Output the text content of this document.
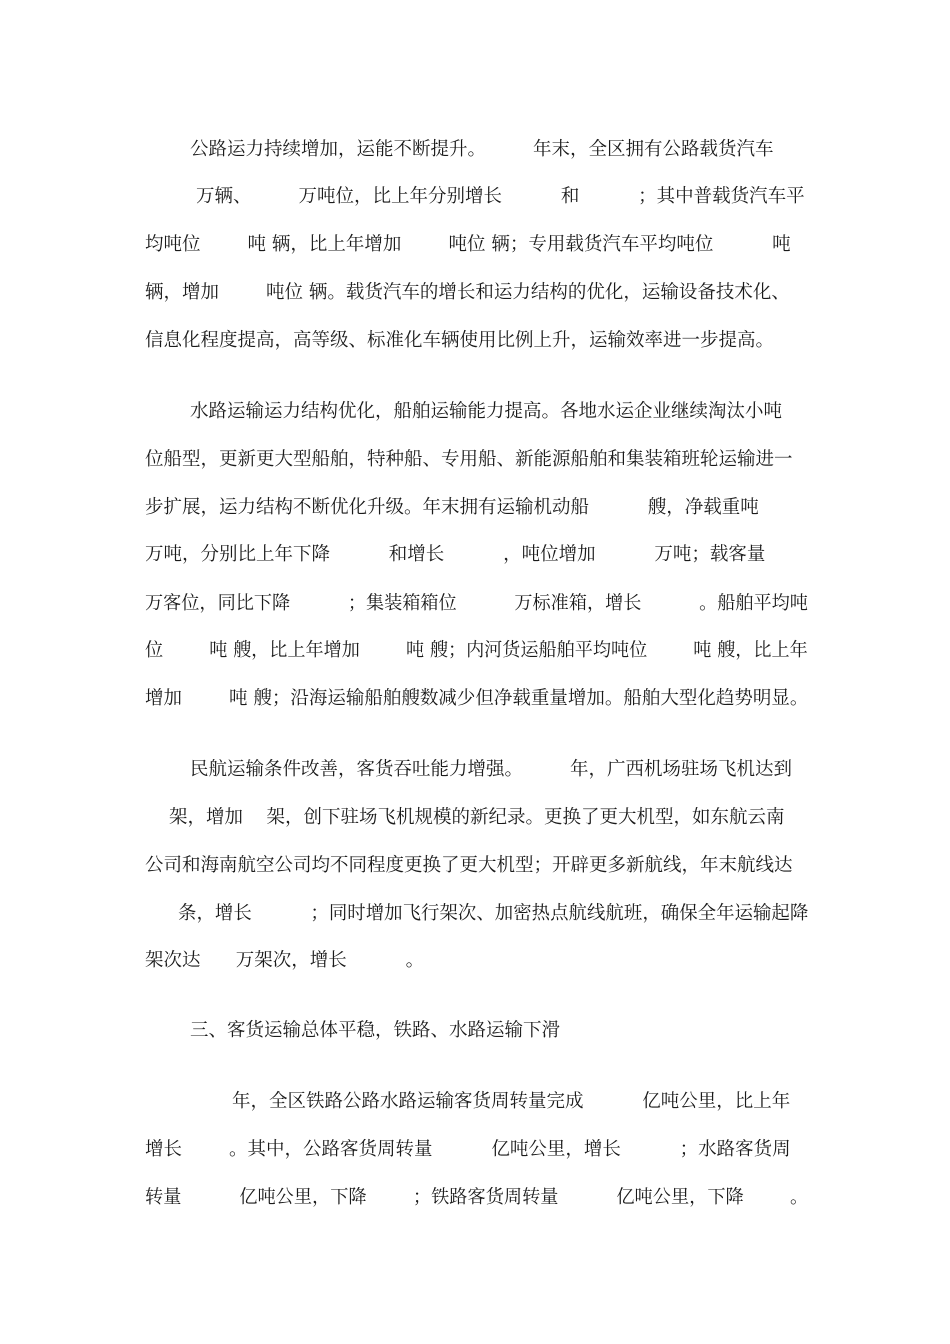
公路运力持续增加，运能不断提升。        年末，全区拥有公路载货汽车
万辆、        万吨位，比上年分别增长          和          ；其中普载货汽车平
均吨位        吨 辆，比上年增加        吨位 辆；专用载货汽车平均吨位          吨
辆，增加        吨位 辆。载货汽车的增长和运力结构的优化，运输设备技术化、
信息化程度提高，高等级、标准化车辆使用比例上升，运输效率进一步提高。
水路运输运力结构优化，船舶运输能力提高。各地水运企业继续淘汰小吨
位船型，更新更大型船舶，特种船、专用船、新能源船舶和集装箱班轮运输进一
步扩展，运力结构不断优化升级。年末拥有运输机动船          艘，净载重吨
万吨，分别比上年下降          和增长          ，吨位增加          万吨；载客量
万客位，同比下降          ；集装箱箱位          万标准箱，增长          。船舶平均吨
位        吨 艘，比上年增加        吨 艘；内河货运船舶平均吨位        吨 艘，比上年
增加        吨 艘；沿海运输船舶艘数减少但净载重量增加。船舶大型化趋势明显。
民航运输条件改善，客货吞吐能力增强。        年，广西机场驻场飞机达到
架，增加    架，创下驻场飞机规模的新纪录。更换了更大机型，如东航云南
公司和海南航空公司均不同程度更换了更大机型；开辟更多新航线，年末航线达
条，增长          ；同时增加飞行架次、加密热点航线航班，确保全年运输起降
架次达      万架次，增长          。
三、客货运输总体平稳，铁路、水路运输下滑
年，全区铁路公路水路运输客货周转量完成          亿吨公里，比上年
增长        。其中，公路客货周转量          亿吨公里，增长          ；水路客货周
转量          亿吨公里，下降        ；铁路客货周转量          亿吨公里，下降        。
